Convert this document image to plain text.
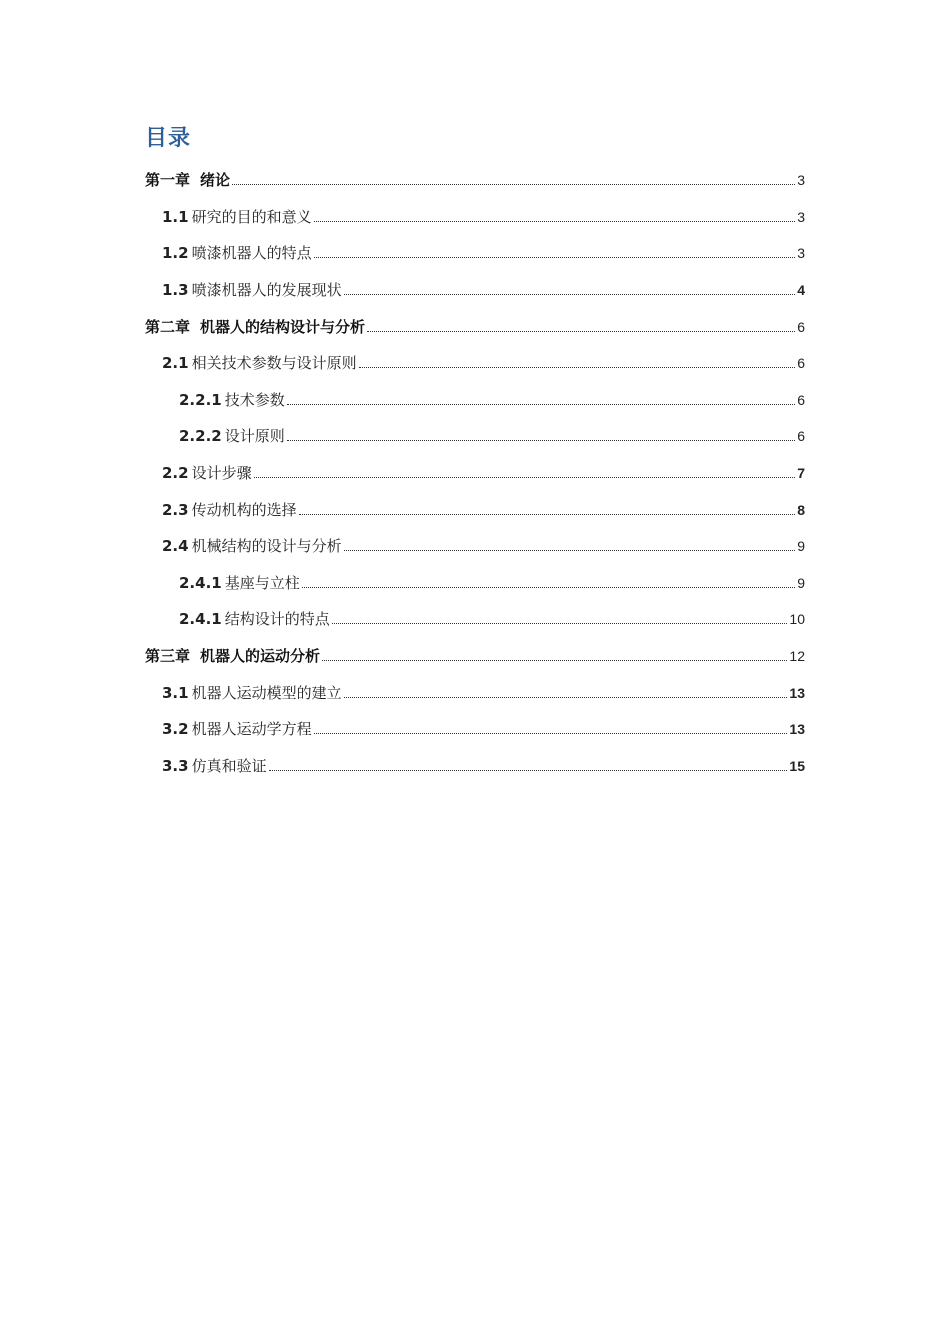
目录
第一章 绪论	3
1.1 研究的目的和意义	3
1.2 喷漆机器人的特点	3
1.3 喷漆机器人的发展现状	4
第二章 机器人的结构设计与分析	6
2.1 相关技术参数与设计原则	6
2.2.1 技术参数	6
2.2.2 设计原则	6
2.2 设计步骤	7
2.3 传动机构的选择	8
2.4 机械结构的设计与分析	9
2.4.1 基座与立柱	9
2.4.1 结构设计的特点	10
第三章 机器人的运动分析	12
3.1 机器人运动模型的建立	13
3.2 机器人运动学方程	13
3.3 仿真和验证	15
